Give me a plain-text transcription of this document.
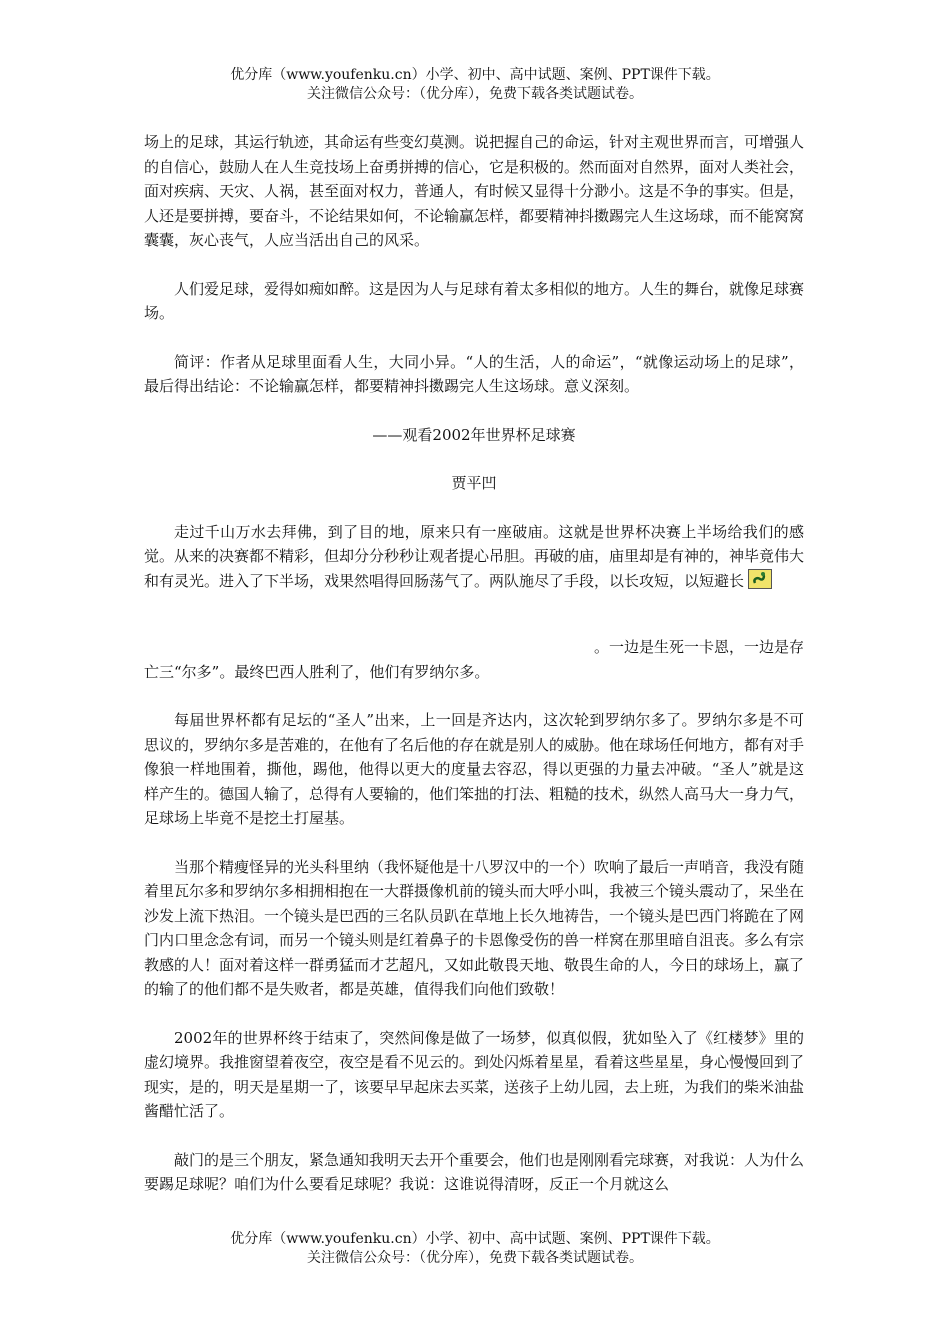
优分库（www.youfenku.cn）小学、初中、高中试题、案例、PPT课件下载。
关注微信公众号：（优分库），免费下载各类试题试卷。

场上的足球，其运行轨迹，其命运有些变幻莫测。说把握自己的命运，针对主观世界而言，可增强人的自信心，鼓励人在人生竞技场上奋勇拼搏的信心，它是积极的。然而面对自然界，面对人类社会，面对疾病、天灾、人祸，甚至面对权力，普通人，有时候又显得十分渺小。这是不争的事实。但是，人还是要拼搏，要奋斗，不论结果如何，不论输赢怎样，都要精神抖擞踢完人生这场球，而不能窝窝囊囊，灰心丧气，人应当活出自己的风采。

人们爱足球，爱得如痴如醉。这是因为人与足球有着太多相似的地方。人生的舞台，就像足球赛场。

简评：作者从足球里面看人生，大同小异。“人的生活，人的命运”，“就像运动场上的足球”，最后得出结论：不论输赢怎样，都要精神抖擞踢完人生这场球。意义深刻。

——观看2002年世界杯足球赛

贾平凹

走过千山万水去拜佛，到了目的地，原来只有一座破庙。这就是世界杯决赛上半场给我们的感觉。从来的决赛都不精彩，但却分分秒秒让观者提心吊胆。再破的庙，庙里却是有神的，神毕竟伟大和有灵光。进入了下半场，戏果然唱得回肠荡气了。两队施尽了手段，以长攻短，以短避长

。一边是生死一卡恩，一边是存
亡三“尔多”。最终巴西人胜利了，他们有罗纳尔多。

每届世界杯都有足坛的“圣人”出来，上一回是齐达内，这次轮到罗纳尔多了。罗纳尔多是不可思议的，罗纳尔多是苦难的，在他有了名后他的存在就是别人的威胁。他在球场任何地方，都有对手像狼一样地围着，撕他，踢他，他得以更大的度量去容忍，得以更强的力量去冲破。“圣人”就是这样产生的。德国人输了，总得有人要输的，他们笨拙的打法、粗糙的技术，纵然人高马大一身力气，足球场上毕竟不是挖土打屋基。

当那个精瘦怪异的光头科里纳（我怀疑他是十八罗汉中的一个）吹响了最后一声哨音，我没有随着里瓦尔多和罗纳尔多相拥相抱在一大群摄像机前的镜头而大呼小叫，我被三个镜头震动了，呆坐在沙发上流下热泪。一个镜头是巴西的三名队员趴在草地上长久地祷告，一个镜头是巴西门将跪在了网门内口里念念有词，而另一个镜头则是红着鼻子的卡恩像受伤的兽一样窝在那里暗自沮丧。多么有宗教感的人！面对着这样一群勇猛而才艺超凡，又如此敬畏天地、敬畏生命的人，今日的球场上，赢了的输了的他们都不是失败者，都是英雄，值得我们向他们致敬！

2002年的世界杯终于结束了，突然间像是做了一场梦，似真似假，犹如坠入了《红楼梦》里的虚幻境界。我推窗望着夜空，夜空是看不见云的。到处闪烁着星星，看着这些星星，身心慢慢回到了现实，是的，明天是星期一了，该要早早起床去买菜，送孩子上幼儿园，去上班，为我们的柴米油盐酱醋忙活了。

敲门的是三个朋友，紧急通知我明天去开个重要会，他们也是刚刚看完球赛，对我说：人为什么要踢足球呢？咱们为什么要看足球呢？我说：这谁说得清呀，反正一个月就这么

优分库（www.youfenku.cn）小学、初中、高中试题、案例、PPT课件下载。
关注微信公众号：（优分库），免费下载各类试题试卷。
